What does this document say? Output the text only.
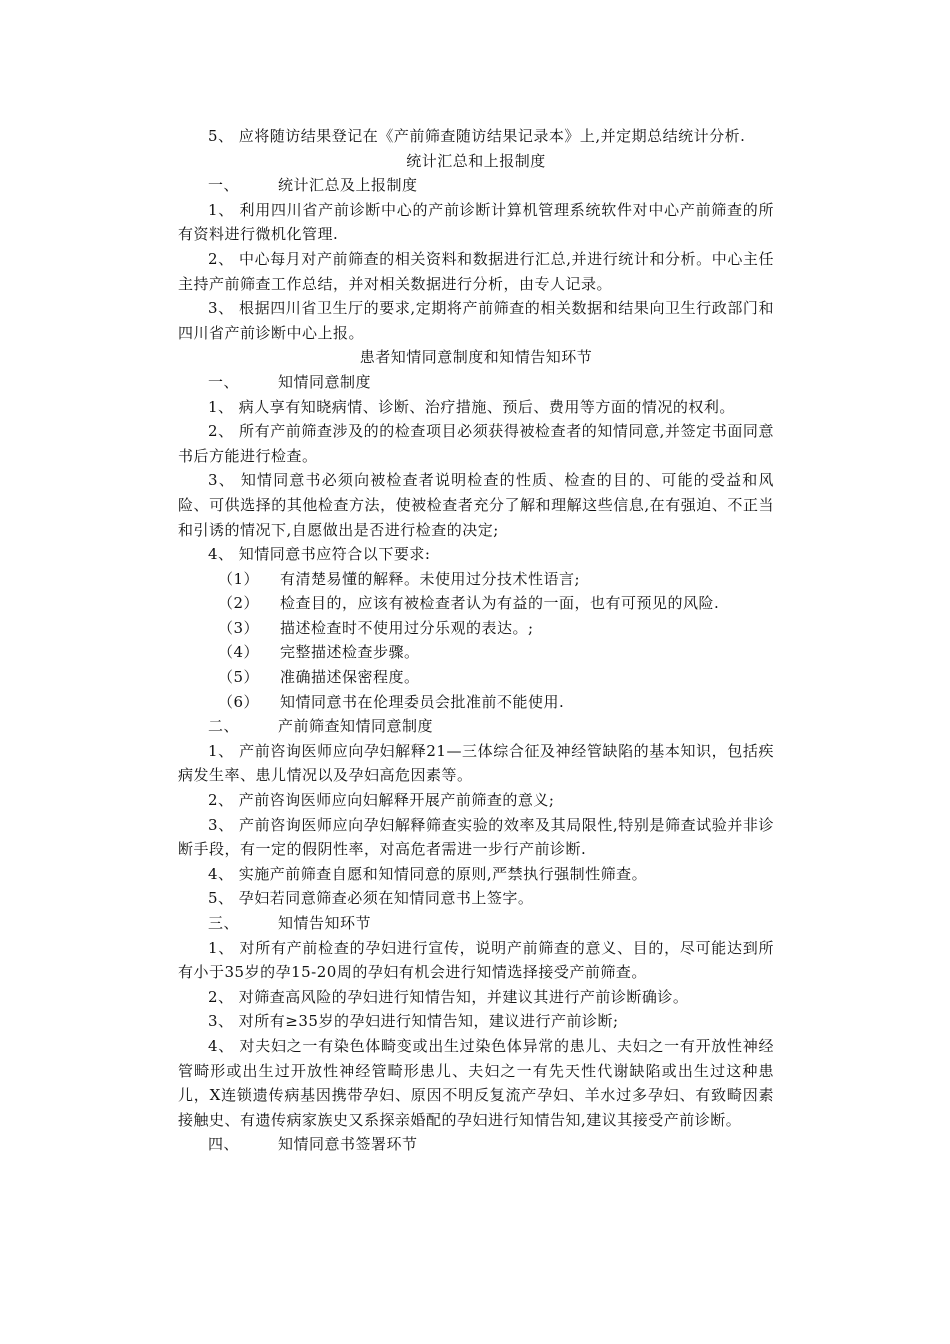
5、 应将随访结果登记在《产前筛查随访结果记录本》上,并定期总结统计分析.

统计汇总和上报制度
一、	统计汇总及上报制度

1、 利用四川省产前诊断中心的产前诊断计算机管理系统软件对中心产前筛查的所有资料进行微机化管理.

2、 中心每月对产前筛查的相关资料和数据进行汇总,并进行统计和分析。中心主任主持产前筛查工作总结，并对相关数据进行分析，由专人记录。

3、 根据四川省卫生厅的要求,定期将产前筛查的相关数据和结果向卫生行政部门和四川省产前诊断中心上报。

患者知情同意制度和知情告知环节
一、	知情同意制度

1、 病人享有知晓病情、诊断、治疗措施、预后、费用等方面的情况的权利。

2、 所有产前筛查涉及的的检查项目必须获得被检查者的知情同意,并签定书面同意书后方能进行检查。

3、 知情同意书必须向被检查者说明检查的性质、检查的目的、可能的受益和风险、可供选择的其他检查方法，使被检查者充分了解和理解这些信息,在有强迫、不正当和引诱的情况下,自愿做出是否进行检查的决定;

4、 知情同意书应符合以下要求:

（1） 有清楚易懂的解释。未使用过分技术性语言;
（2） 检查目的，应该有被检查者认为有益的一面，也有可预见的风险.
（3） 描述检查时不使用过分乐观的表达。;
（4） 完整描述检查步骤。
（5） 准确描述保密程度。
（6） 知情同意书在伦理委员会批准前不能使用.
二、	产前筛查知情同意制度

1、 产前咨询医师应向孕妇解释21—三体综合征及神经管缺陷的基本知识，包括疾病发生率、患儿情况以及孕妇高危因素等。

2、 产前咨询医师应向妇解释开展产前筛查的意义;

3、 产前咨询医师应向孕妇解释筛查实验的效率及其局限性,特别是筛查试验并非诊断手段，有一定的假阴性率，对高危者需进一步行产前诊断.

4、 实施产前筛查自愿和知情同意的原则,严禁执行强制性筛查。

5、 孕妇若同意筛查必须在知情同意书上签字。

三、	知情告知环节

1、 对所有产前检查的孕妇进行宣传，说明产前筛查的意义、目的，尽可能达到所有小于35岁的孕15-20周的孕妇有机会进行知情选择接受产前筛查。

2、 对筛查高风险的孕妇进行知情告知，并建议其进行产前诊断确诊。

3、 对所有≥35岁的孕妇进行知情告知，建议进行产前诊断;

4、 对夫妇之一有染色体畸变或出生过染色体异常的患儿、夫妇之一有开放性神经管畸形或出生过开放性神经管畸形患儿、夫妇之一有先天性代谢缺陷或出生过这种患儿，X连锁遗传病基因携带孕妇、原因不明反复流产孕妇、羊水过多孕妇、有致畸因素接触史、有遗传病家族史又系探亲婚配的孕妇进行知情告知,建议其接受产前诊断。

四、	知情同意书签署环节
